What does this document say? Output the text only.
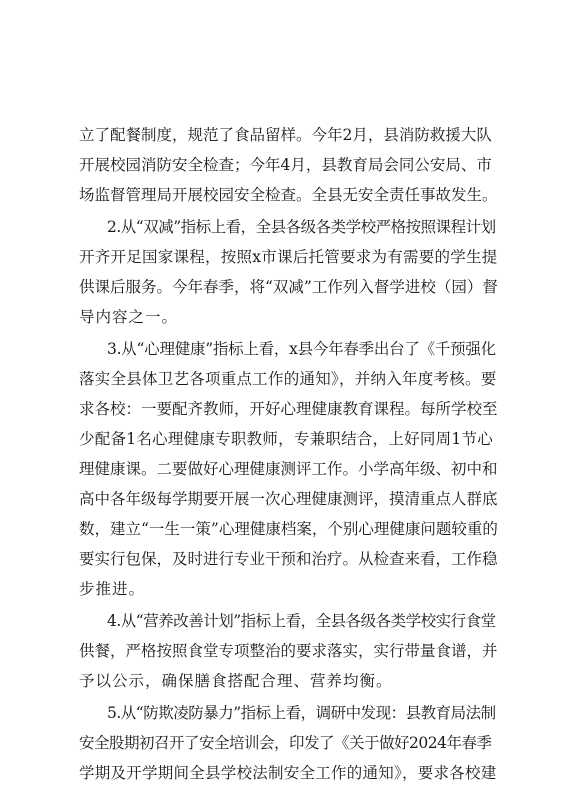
立了配餐制度，规范了食品留样。今年2月，县消防救援大队
开展校园消防安全检查；今年4月，县教育局会同公安局、市
场监督管理局开展校园安全检查。全县无安全责任事故发生。
2.从“双减”指标上看，全县各级各类学校严格按照课程计划
开齐开足国家课程，按照x市课后托管要求为有需要的学生提
供课后服务。今年春季，将“双减”工作列入督学进校（园）督
导内容之一。
3.从“心理健康”指标上看，x县今年春季出台了《千预强化
落实全县体卫艺各项重点工作的通知》，并纳入年度考核。要
求各校：一要配齐教师，开好心理健康教育课程。每所学校至
少配备1名心理健康专职教师，专兼职结合，上好同周1节心
理健康课。二要做好心理健康测评工作。小学高年级、初中和
高中各年级每学期要开展一次心理健康测评，摸清重点人群底
数，建立“一生一策”心理健康档案，个别心理健康问题较重的
要实行包保，及时进行专业干预和治疗。从检查来看，工作稳
步推进。
4.从“营养改善计划”指标上看，全县各级各类学校实行食堂
供餐，严格按照食堂专项整治的要求落实，实行带量食谱，并
予以公示，确保膳食搭配合理、营养均衡。
5.从“防欺凌防暴力”指标上看，调研中发现：县教育局法制
安全股期初召开了安全培训会，印发了《关于做好2024年春季
学期及开学期间全县学校法制安全工作的通知》，要求各校建
